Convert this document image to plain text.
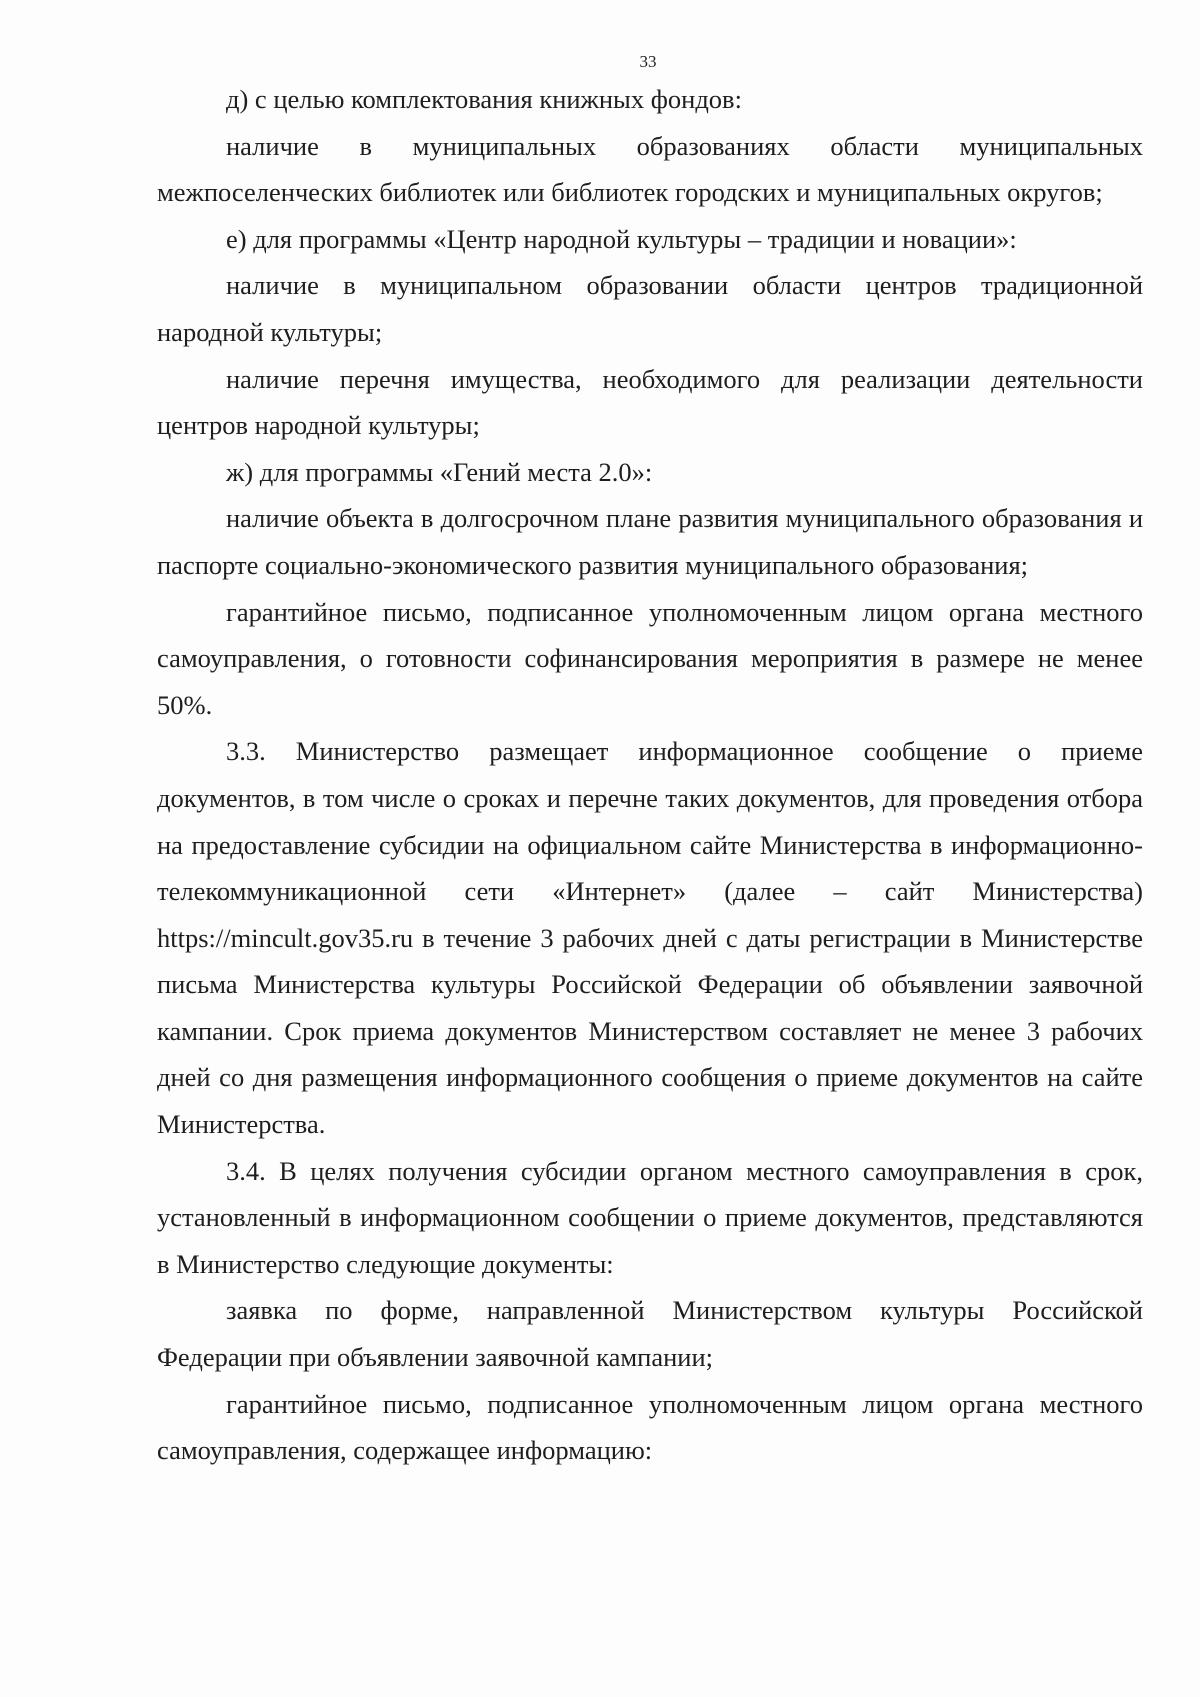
33

д) с целью комплектования книжных фондов:

наличие в муниципальных образованиях области муниципальных межпоселенческих библиотек или библиотек городских и муниципальных округов;

е) для программы «Центр народной культуры – традиции и новации»:

наличие в муниципальном образовании области центров традиционной народной культуры;

наличие перечня имущества, необходимого для реализации деятельности центров народной культуры;

ж) для программы «Гений места 2.0»:

наличие объекта в долгосрочном плане развития муниципального образования и паспорте социально-экономического развития муниципального образования;

гарантийное письмо, подписанное уполномоченным лицом органа местного самоуправления, о готовности софинансирования мероприятия в размере не менее 50%.

3.3. Министерство размещает информационное сообщение о приеме документов, в том числе о сроках и перечне таких документов, для проведения отбора на предоставление субсидии на официальном сайте Министерства в информационно-телекоммуникационной сети «Интернет» (далее – сайт Министерства) https://mincult.gov35.ru в течение 3 рабочих дней с даты регистрации в Министерстве письма Министерства культуры Российской Федерации об объявлении заявочной кампании. Срок приема документов Министерством составляет не менее 3 рабочих дней со дня размещения информационного сообщения о приеме документов на сайте Министерства.

3.4. В целях получения субсидии органом местного самоуправления в срок, установленный в информационном сообщении о приеме документов, представляются в Министерство следующие документы:

заявка по форме, направленной Министерством культуры Российской Федерации при объявлении заявочной кампании;

гарантийное письмо, подписанное уполномоченным лицом органа местного самоуправления, содержащее информацию:
